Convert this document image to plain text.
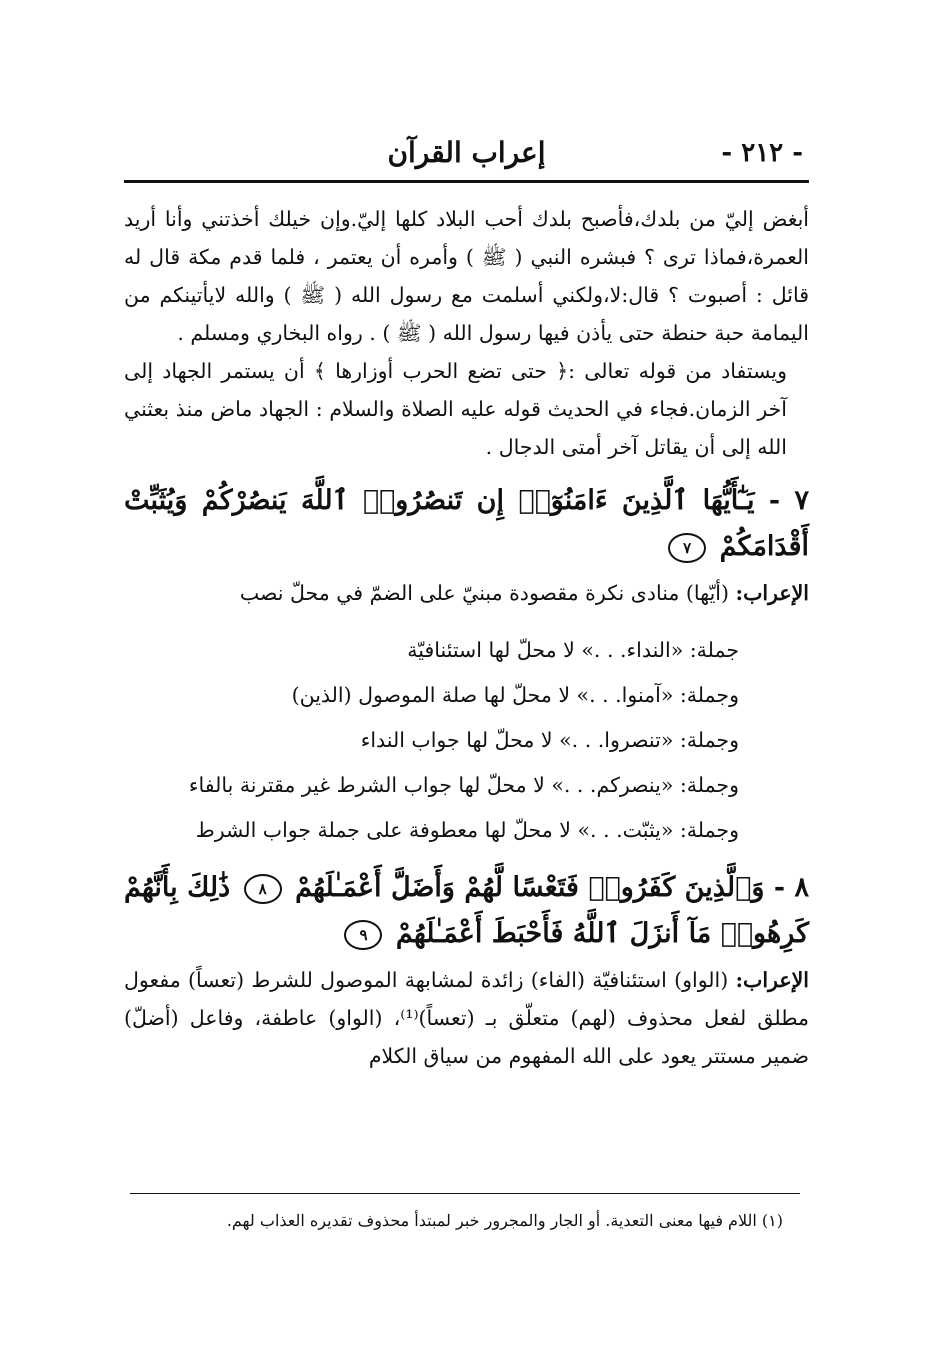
- ٢١٢ -
إعراب القرآن

أبغض إليّ من بلدك،فأصبح بلدك أحب البلاد كلها إليّ.وإن خيلك أخذتني وأنا أريد العمرة،فماذا ترى ؟ فبشره النبي ( ﷺ ) وأمره أن يعتمر ، فلما قدم مكة قال له قائل : أصبوت ؟ قال:لا،ولكني أسلمت مع رسول الله ( ﷺ ) والله لايأتينكم من اليمامة حبة حنطة حتى يأذن فيها رسول الله ( ﷺ ) . رواه البخاري ومسلم .

ويستفاد من قوله تعالى :﴿ حتى تضع الحرب أوزارها ﴾ أن يستمر الجهاد إلى آخر الزمان.فجاء في الحديث قوله عليه الصلاة والسلام : الجهاد ماض منذ بعثني الله إلى أن يقاتل آخر أمتى الدجال .

٧ - يَـٰٓأَيُّهَا ٱلَّذِينَ ءَامَنُوٓا۟ إِن تَنصُرُوا۟ ٱللَّهَ يَنصُرْكُمْ وَيُثَبِّتْ أَقْدَامَكُمْ ٧

الإعراب: (أيّها) منادى نكرة مقصودة مبنيّ على الضمّ في محلّ نصب

جملة: «النداء. . .» لا محلّ لها استئنافيّة

وجملة: «آمنوا. . .» لا محلّ لها صلة الموصول (الذين)

وجملة: «تنصروا. . .» لا محلّ لها جواب النداء

وجملة: «ينصركم. . .» لا محلّ لها جواب الشرط غير مقترنة بالفاء

وجملة: «يثبّت. . .» لا محلّ لها معطوفة على جملة جواب الشرط

٨ - وَٱلَّذِينَ كَفَرُوا۟ فَتَعْسًا لَّهُمْ وَأَضَلَّ أَعْمَـٰلَهُمْ ٨ ذَٰلِكَ بِأَنَّهُمْ كَرِهُوا۟ مَآ أَنزَلَ ٱللَّهُ فَأَحْبَطَ أَعْمَـٰلَهُمْ ٩

الإعراب: (الواو) استئنافيّة (الفاء) زائدة لمشابهة الموصول للشرط (تعساً) مفعول مطلق لفعل محذوف (لهم) متعلّق بـ (تعساً)⁽¹⁾، (الواو) عاطفة، وفاعل (أضلّ) ضمير مستتر يعود على الله المفهوم من سياق الكلام

(١) اللام فيها معنى التعدية. أو الجار والمجرور خبر لمبتدأ محذوف تقديره العذاب لهم.
